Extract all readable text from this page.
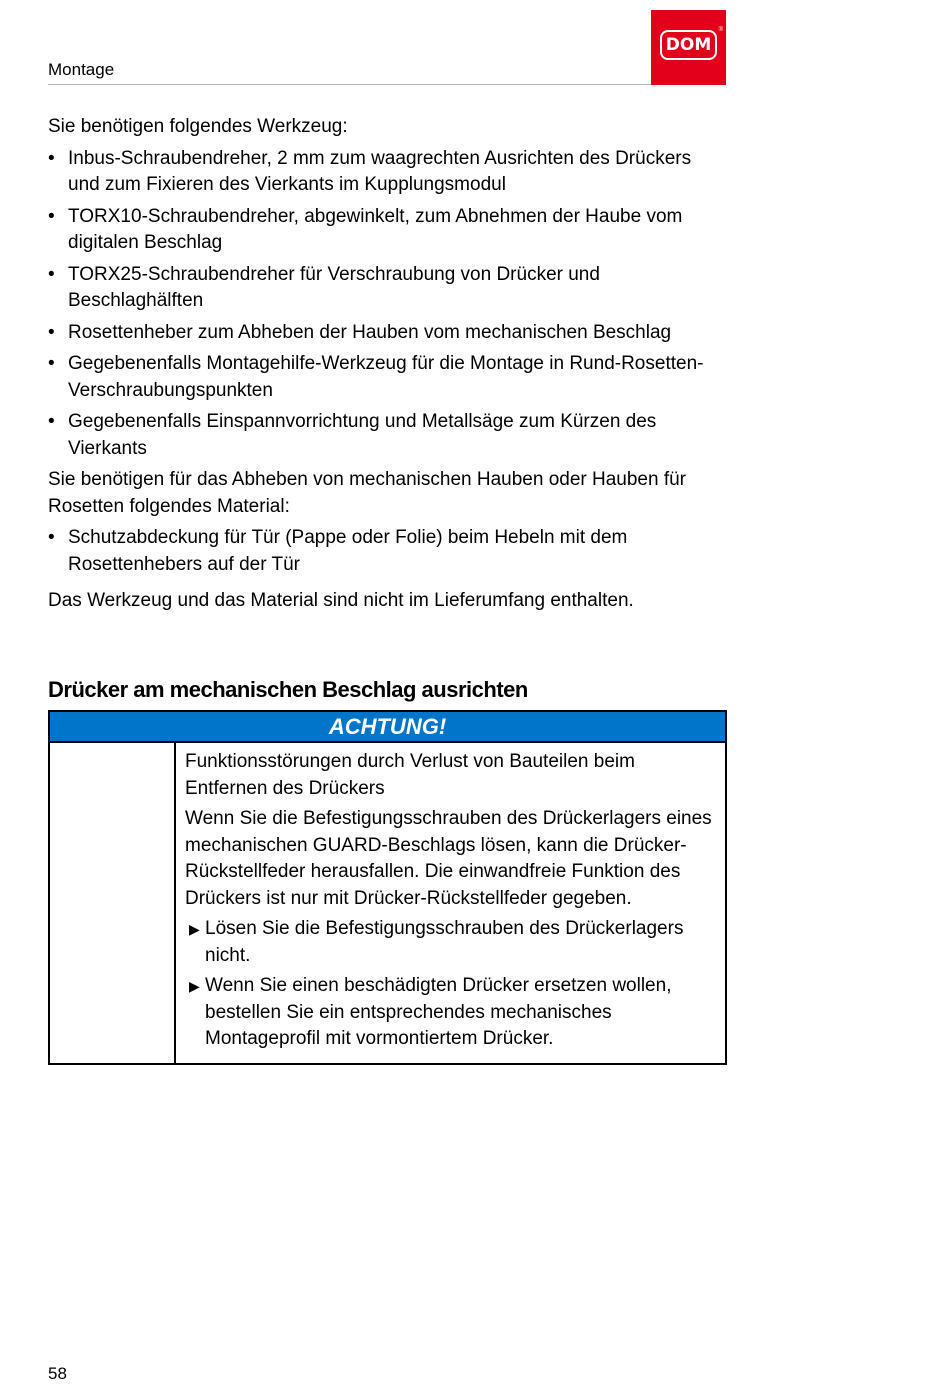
Montage
DOM
®

Sie benötigen folgendes Werkzeug:

• Inbus-Schraubendreher, 2 mm zum waagrechten Ausrichten des Drückers und zum Fixieren des Vierkants im Kupplungsmodul
• TORX10-Schraubendreher, abgewinkelt, zum Abnehmen der Haube vom digitalen Beschlag
• TORX25-Schraubendreher für Verschraubung von Drücker und Beschlaghälften
• Rosettenheber zum Abheben der Hauben vom mechanischen Beschlag
• Gegebenenfalls Montagehilfe-Werkzeug für die Montage in Rund-Rosetten-Verschraubungspunkten
• Gegebenenfalls Einspannvorrichtung und Metallsäge zum Kürzen des Vierkants

Sie benötigen für das Abheben von mechanischen Hauben oder Hauben für Rosetten folgendes Material:

• Schutzabdeckung für Tür (Pappe oder Folie) beim Hebeln mit dem Rosettenhebers auf der Tür

Das Werkzeug und das Material sind nicht im Lieferumfang enthalten.

Drücker am mechanischen Beschlag ausrichten
ACHTUNG!

Funktionsstörungen durch Verlust von Bauteilen beim Entfernen des Drückers

Wenn Sie die Befestigungsschrauben des Drückerlagers eines mechanischen GUARD-Beschlags lösen, kann die Drücker-Rückstellfeder herausfallen. Die einwandfreie Funktion des Drückers ist nur mit Drücker-Rückstellfeder gegeben.

▶ Lösen Sie die Befestigungsschrauben des Drückerlagers nicht.
▶ Wenn Sie einen beschädigten Drücker ersetzen wollen, bestellen Sie ein entsprechendes mechanisches Montageprofil mit vormontiertem Drücker.
58
